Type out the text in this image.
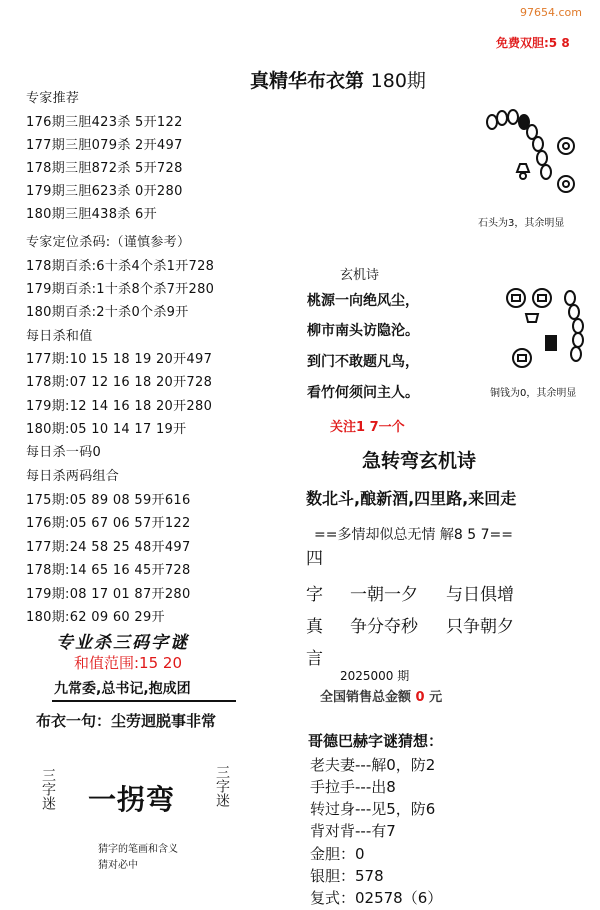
97654.com
免费双胆:5 8
真精华布衣第 180期
专家推荐
176期三胆423杀 5开122
177期三胆079杀 2开497
178期三胆872杀 5开728
179期三胆623杀 0开280
180期三胆438杀 6开
专家定位杀码:（谨慎参考）
178期百杀:6十杀4个杀1开728
179期百杀:1十杀8个杀7开280
180期百杀:2十杀0个杀9开
每日杀和值
177期:10 15 18 19 20开497
178期:07 12 16 18 20开728
179期:12 14 16 18 20开280
180期:05 10 14 17 19开
每日杀一码0
每日杀两码组合
175期:05 89 08 59开616
176期:05 67 06 57开122
177期:24 58 25 48开497
178期:14 65 16 45开728
179期:08 17 01 87开280
180期:62 09 60 29开
专业杀三码字谜
和值范围:15 20
九常委,总书记,抱成团
布衣一句：尘劳迥脱事非常
三字迷 一拐弯	三字迷
猜字的笔画和含义
猜对必中
石头为3，其余明显
玄机诗
桃源一向绝风尘，
柳市南头访隐沦。
到门不敢题凡鸟，
看竹何须问主人。	铜钱为0，其余明显
关注1 7一个
急转弯玄机诗
数北斗,酿新酒,四里路,来回走
==多情却似总无情 解8 5 7==
四
字 一朝一夕 与日俱增
真 争分夺秒 只争朝夕
言
2025000 期
全国销售总金额 0 元
哥德巴赫字谜猜想：
老夫妻---解0，防2
手拉手---出8
转过身---见5，防6
背对背---有7
金胆：0
银胆：578
复式：02578（6）
